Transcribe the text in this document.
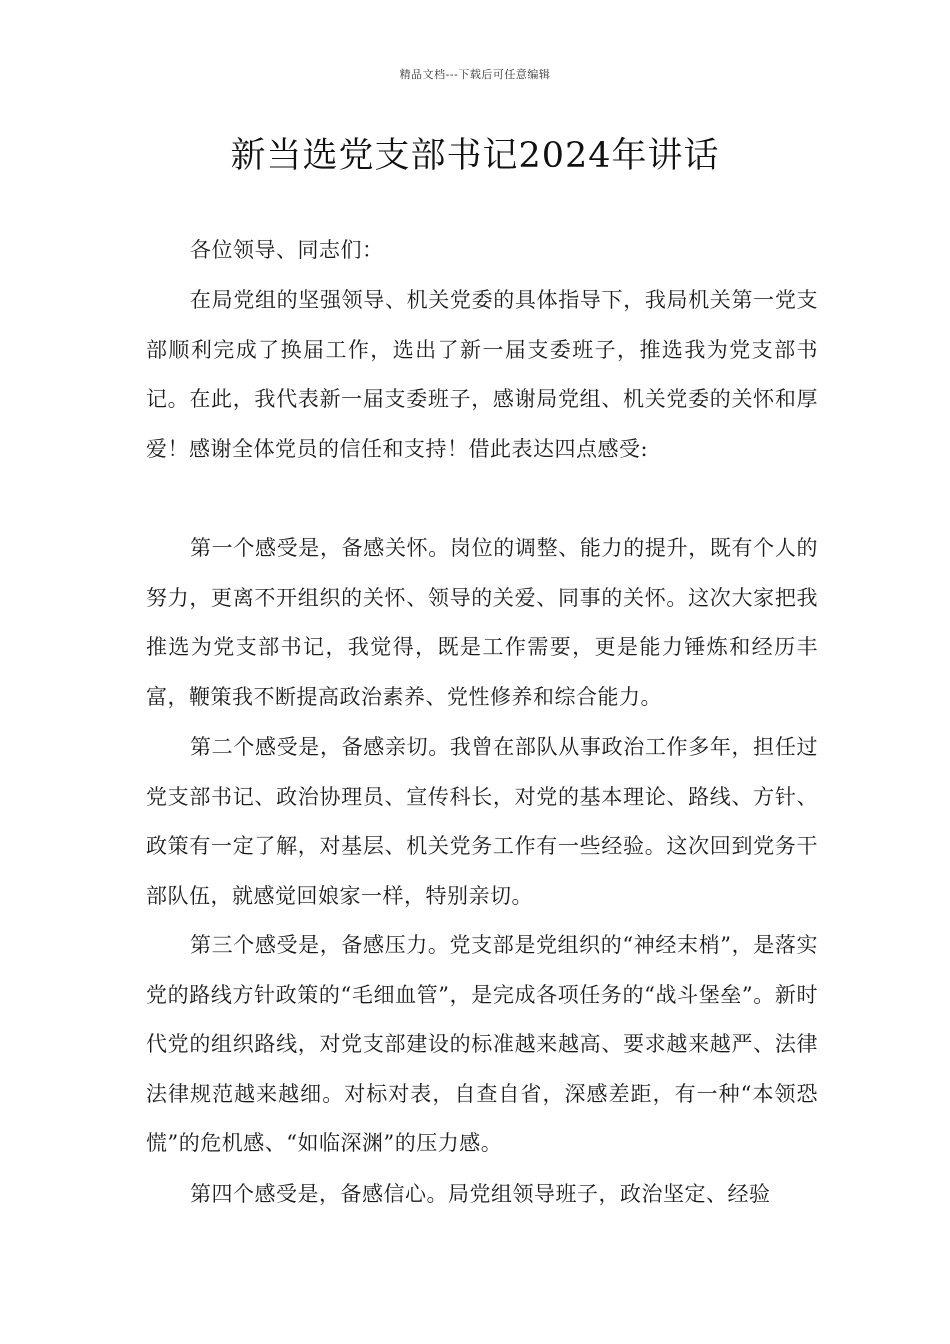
精品文档---下载后可任意编辑
新当选党支部书记2024年讲话

各位领导、同志们：

在局党组的坚强领导、机关党委的具体指导下，我局机关第一党支部顺利完成了换届工作，选出了新一届支委班子，推选我为党支部书记。在此，我代表新一届支委班子，感谢局党组、机关党委的关怀和厚爱！感谢全体党员的信任和支持！借此表达四点感受:

第一个感受是，备感关怀。岗位的调整、能力的提升，既有个人的努力，更离不开组织的关怀、领导的关爱、同事的关怀。这次大家把我推选为党支部书记，我觉得，既是工作需要，更是能力锤炼和经历丰富，鞭策我不断提高政治素养、党性修养和综合能力。

第二个感受是，备感亲切。我曾在部队从事政治工作多年，担任过党支部书记、政治协理员、宣传科长，对党的基本理论、路线、方针、政策有一定了解，对基层、机关党务工作有一些经验。这次回到党务干部队伍，就感觉回娘家一样，特别亲切。

第三个感受是，备感压力。党支部是党组织的“神经末梢”，是落实党的路线方针政策的“毛细血管”，是完成各项任务的“战斗堡垒”。新时代党的组织路线，对党支部建设的标准越来越高、要求越来越严、法律法律规范越来越细。对标对表，自查自省，深感差距，有一种“本领恐慌”的危机感、“如临深渊”的压力感。

第四个感受是，备感信心。局党组领导班子，政治坚定、经验
